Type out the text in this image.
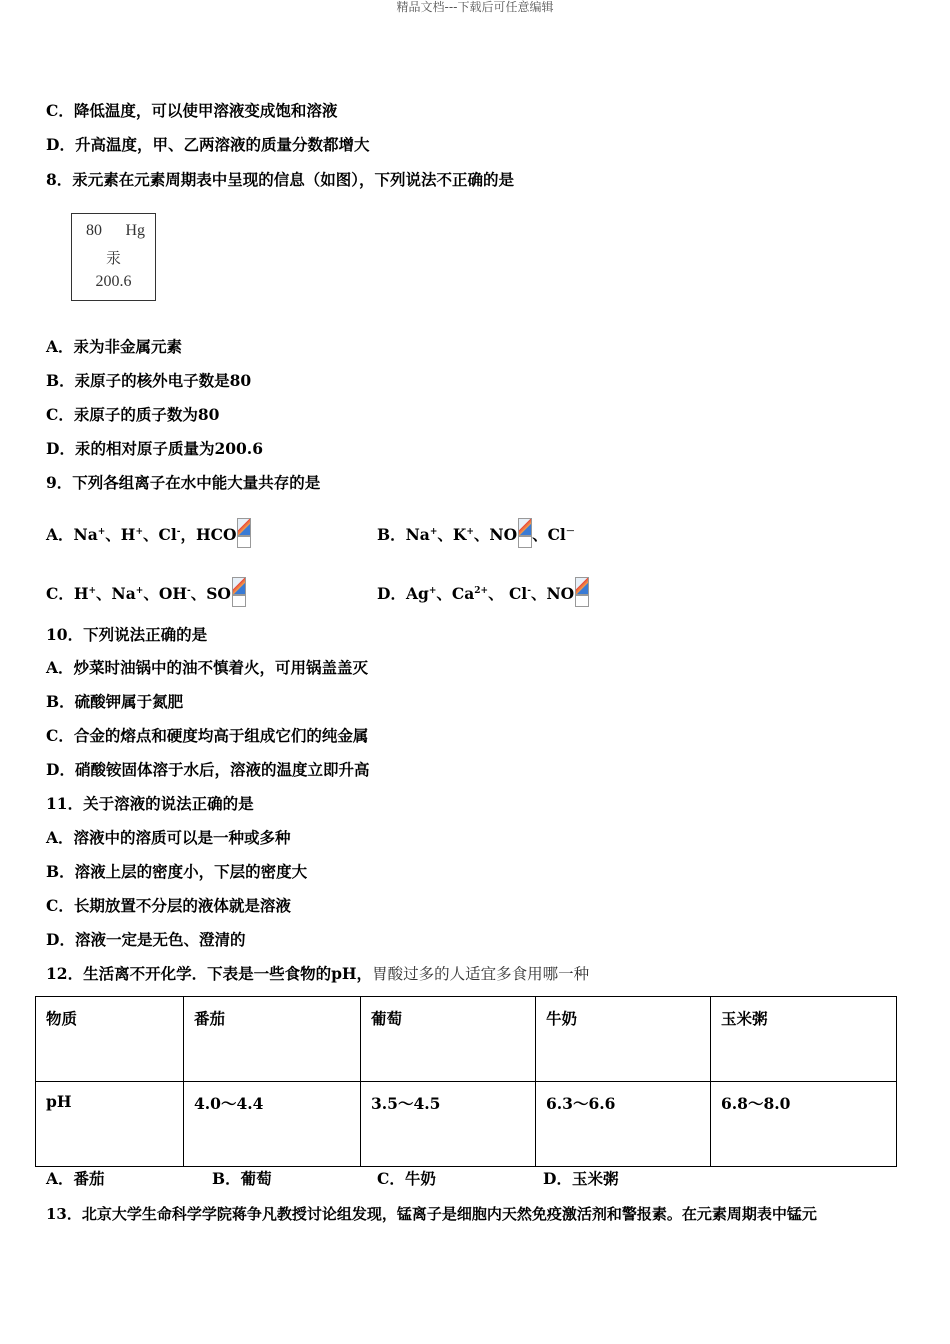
精品文档---下载后可任意编辑
C．降低温度，可以使甲溶液变成饱和溶液
D．升高温度，甲、乙两溶液的质量分数都增大
8．汞元素在元素周期表中呈现的信息（如图），下列说法不正确的是
80 Hg
汞
200.6
A．汞为非金属元素
B．汞原子的核外电子数是80
C．汞原子的质子数为80
D．汞的相对原子质量为200.6
9．下列各组离子在水中能大量共存的是
A．Na+、H+、Cl-，HCO	B．Na+、K+、NO 、Cl－
C．H+、Na+、OH-、SO	D．Ag+、$Ca^{2+}$、 Cl-、NO
10．下列说法正确的是
A．炒菜时油锅中的油不慎着火，可用锅盖盖灭
B．硫酸钾属于氮肥
C．合金的熔点和硬度均高于组成它们的纯金属
D．硝酸铵固体溶于水后，溶液的温度立即升高
11．关于溶液的说法正确的是
A．溶液中的溶质可以是一种或多种
B．溶液上层的密度小，下层的密度大
C．长期放置不分层的液体就是溶液
D．溶液一定是无色、澄清的
12．生活离不开化学．下表是一些食物的pH，胃酸过多的人适宜多食用哪一种
物质	番茄	葡萄	牛奶	玉米粥
pH	4.0～4.4	3.5～4.5	6.3～6.6	6.8～8.0
A．番茄	B．葡萄	C．牛奶	D．玉米粥
13．北京大学生命科学学院蒋争凡教授讨论组发现，锰离子是细胞内天然免疫激活剂和警报素。在元素周期表中锰元
